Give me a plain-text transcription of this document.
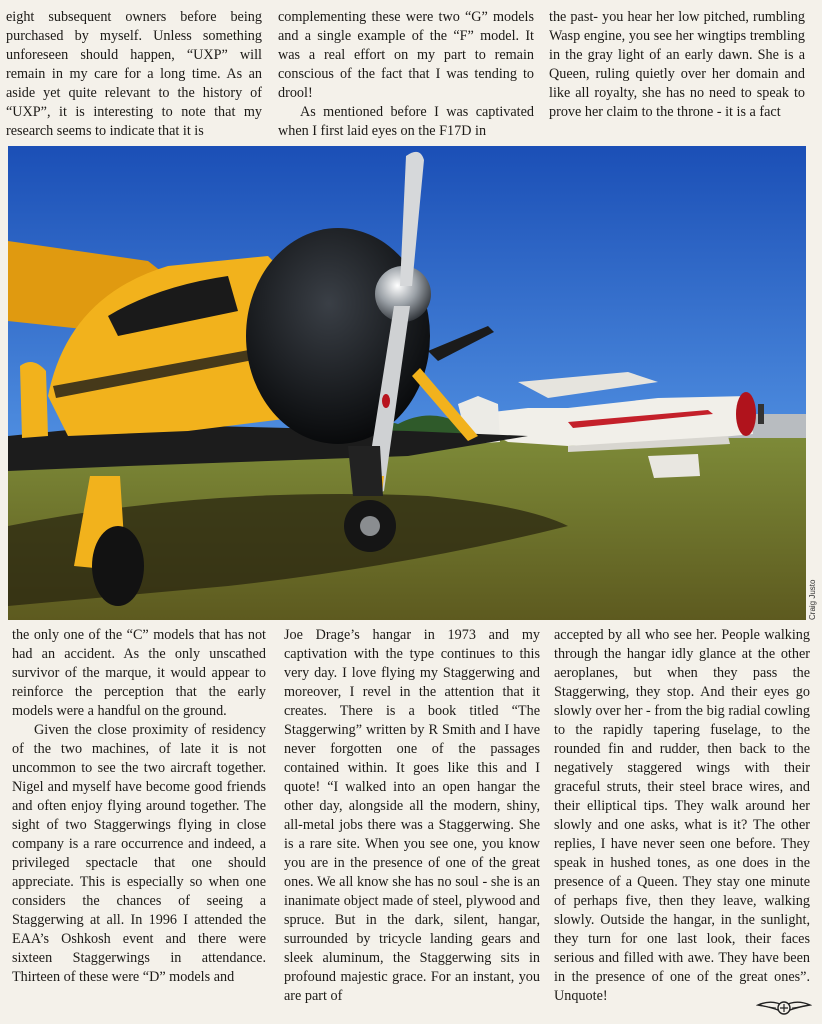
eight subsequent owners before being purchased by myself. Unless something unforeseen should happen, “UXP” will remain in my care for a long time. As an aside yet quite relevant to the history of “UXP”, it is interesting to note that my research seems to indicate that it is

complementing these were two “G” models and a single example of the “F” model. It was a real effort on my part to remain conscious of the fact that I was tending to drool!

As mentioned before I was captivated when I first laid eyes on the F17D in

the past- you hear her low pitched, rumbling Wasp engine, you see her wingtips trembling in the gray light of an early dawn. She is a Queen, ruling quietly over her domain and like all royalty, she has no need to speak to prove her claim to the throne - it is a fact

Craig Justo

the only one of the “C” models that has not had an accident. As the only unscathed survivor of the marque, it would appear to reinforce the perception that the early models were a handful on the ground.

Given the close proximity of residency of the two machines, of late it is not uncommon to see the two aircraft together. Nigel and myself have become good friends and often enjoy flying around together. The sight of two Staggerwings flying in close company is a rare occurrence and indeed, a privileged spectacle that one should appreciate. This is especially so when one considers the chances of seeing a Staggerwing at all. In 1996 I attended the EAA’s Oshkosh event and there were sixteen Staggerwings in attendance. Thirteen of these were “D” models and

Joe Drage’s hangar in 1973 and my captivation with the type continues to this very day. I love flying my Staggerwing and moreover, I revel in the attention that it creates. There is a book titled “The Staggerwing” written by R Smith and I have never forgotten one of the passages contained within. It goes like this and I quote! “I walked into an open hangar the other day, alongside all the modern, shiny, all-metal jobs there was a Staggerwing. She is a rare site. When you see one, you know you are in the presence of one of the great ones. We all know she has no soul - she is an inanimate object made of steel, plywood and spruce. But in the dark, silent, hangar, surrounded by tricycle landing gears and sleek aluminum, the Staggerwing sits in profound majestic grace. For an instant, you are part of

accepted by all who see her. People walking through the hangar idly glance at the other aeroplanes, but when they pass the Staggerwing, they stop. And their eyes go slowly over her - from the big radial cowling to the rapidly tapering fuselage, to the rounded fin and rudder, then back to the negatively staggered wings with their graceful struts, their steel brace wires, and their elliptical tips. They walk around her slowly and one asks, what is it? The other replies, I have never seen one before. They speak in hushed tones, as one does in the presence of a Queen. They stay one minute of perhaps five, then they leave, walking slowly. Outside the hangar, in the sunlight, they turn for one last look, their faces serious and filled with awe. They have been in the presence of one of the great ones”. Unquote!
